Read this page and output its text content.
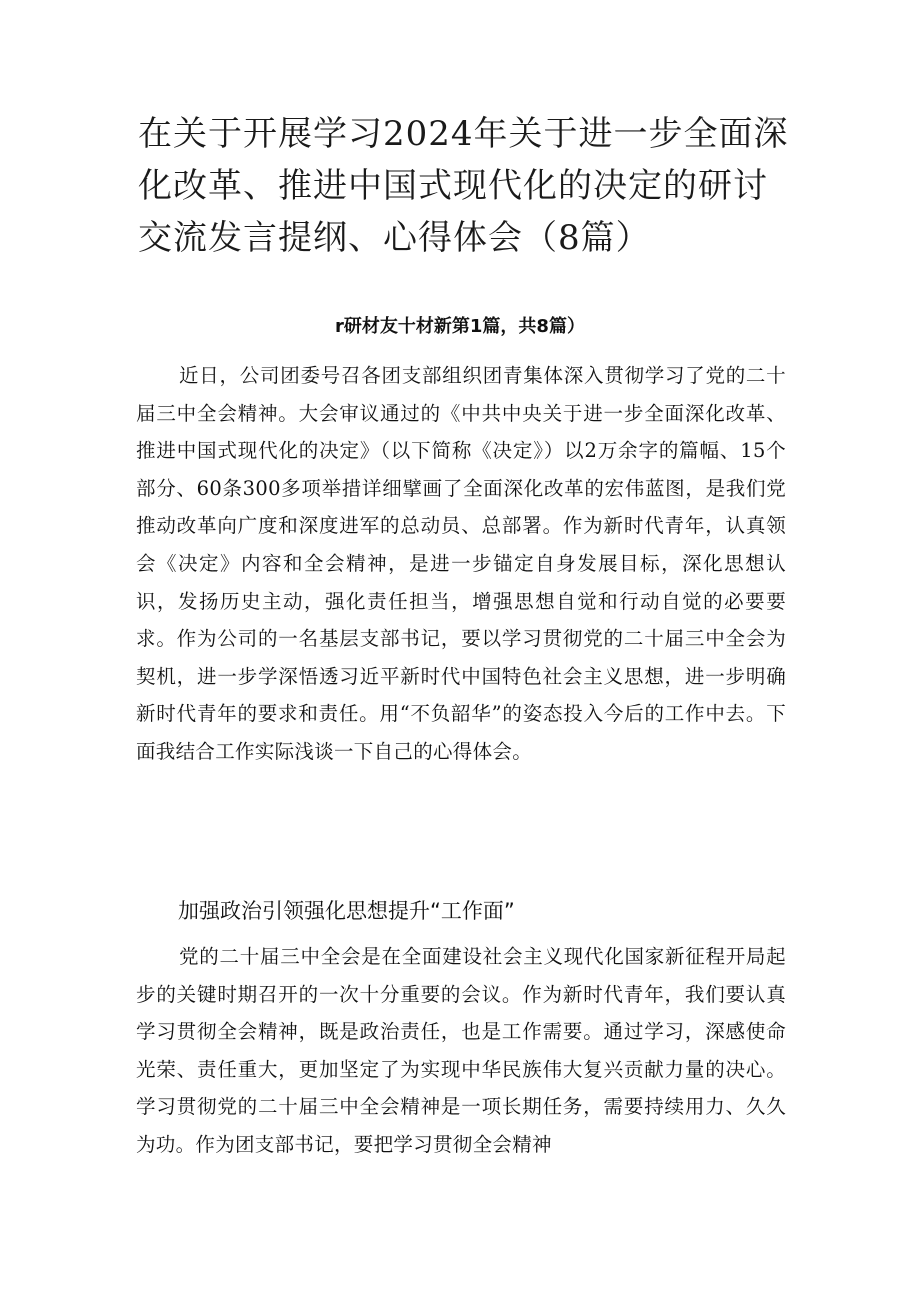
在关于开展学习2024年关于进一步全面深化改革、推进中国式现代化的决定的研讨交流发言提纲、心得体会（8篇）
r研材友十材新第1篇，共8篇）

近日，公司团委号召各团支部组织团青集体深入贯彻学习了党的二十届三中全会精神。大会审议通过的《中共中央关于进一步全面深化改革、推进中国式现代化的决定》（以下简称《决定》）以2万余字的篇幅、15个部分、60条300多项举措详细擘画了全面深化改革的宏伟蓝图，是我们党推动改革向广度和深度进军的总动员、总部署。作为新时代青年，认真领会《决定》内容和全会精神，是进一步锚定自身发展目标，深化思想认识，发扬历史主动，强化责任担当，增强思想自觉和行动自觉的必要要求。作为公司的一名基层支部书记，要以学习贯彻党的二十届三中全会为契机，进一步学深悟透习近平新时代中国特色社会主义思想，进一步明确新时代青年的要求和责任。用“不负韶华”的姿态投入今后的工作中去。下面我结合工作实际浅谈一下自己的心得体会。

加强政治引领强化思想提升“工作面”

党的二十届三中全会是在全面建设社会主义现代化国家新征程开局起步的关键时期召开的一次十分重要的会议。作为新时代青年，我们要认真学习贯彻全会精神，既是政治责任，也是工作需要。通过学习，深感使命光荣、责任重大，更加坚定了为实现中华民族伟大复兴贡献力量的决心。学习贯彻党的二十届三中全会精神是一项长期任务，需要持续用力、久久为功。作为团支部书记，要把学习贯彻全会精神
